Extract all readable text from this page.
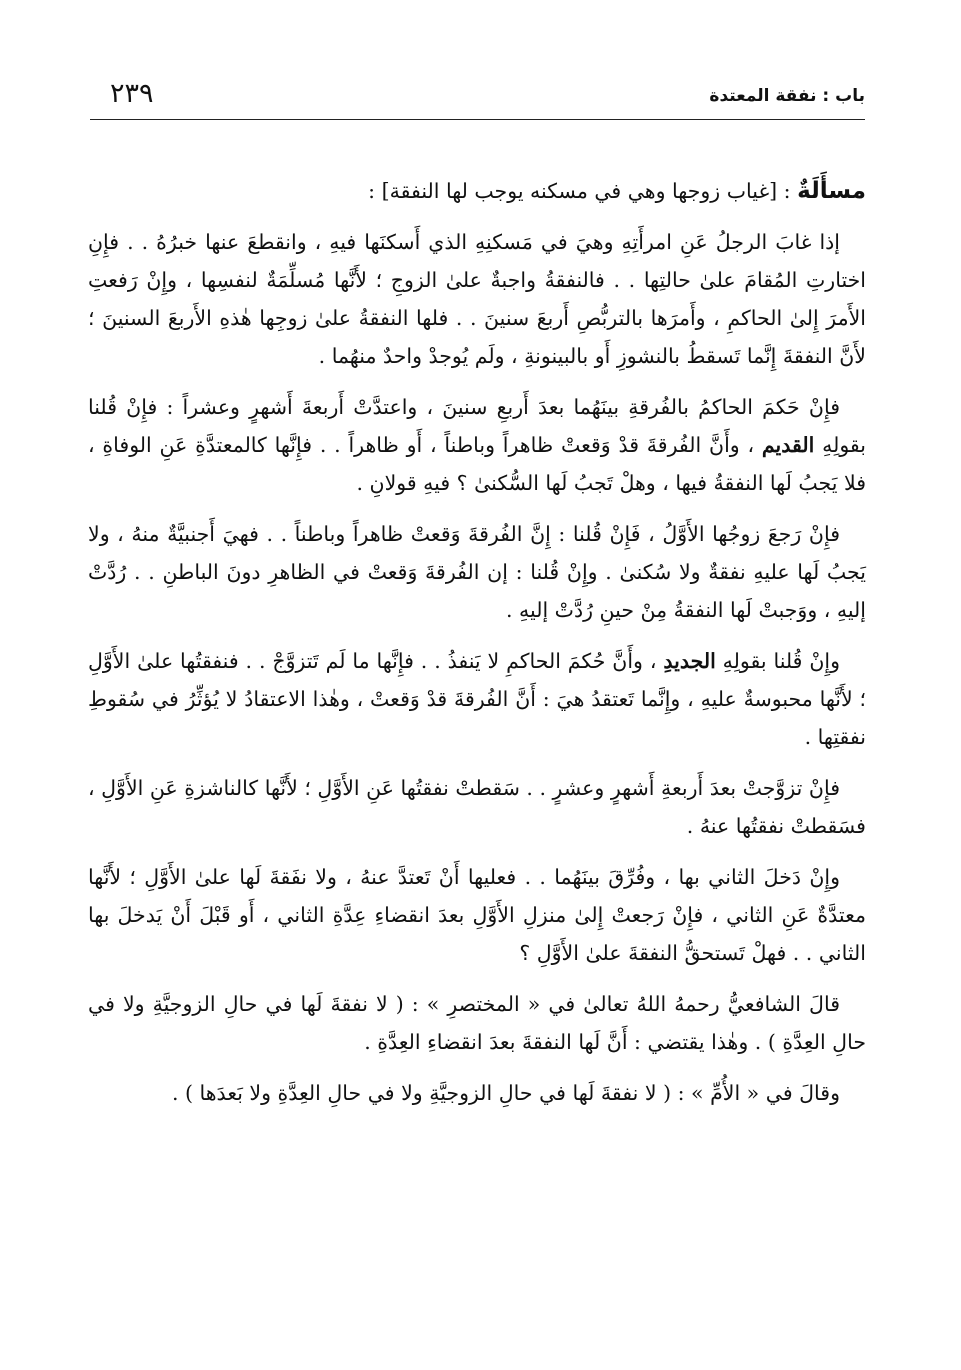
باب : نفقة المعتدة
٢٣٩

مسأَلَةٌ : [غياب زوجها وهي في مسكنه يوجب لها النفقة] :

إذا غابَ الرجلُ عَنِ امرأَتِهِ وهيَ في مَسكنِهِ الذي أَسكنَها فيهِ ، وانقطعَ عنها خبرُهُ . . فإِنِ اختارتِ المُقامَ علىٰ حالتِها . . فالنفقةُ واجبةٌ علىٰ الزوجِ ؛ لأَنَّها مُسلِّمَةٌ لنفسِها ، وإِنْ رَفعتِ الأَمرَ إِلىٰ الحاكمِ ، وأَمرَها بالتربُّصِ أَربعَ سنينَ . . فلها النفقةُ علىٰ زوجِها هٰذهِ الأَربعَ السنينَ ؛ لأَنَّ النفقةَ إِنَّما تَسقطُ بالنشوزِ أَو بالبينونةِ ، ولَم يُوجدْ واحدٌ منهُما .

فإِنْ حَكمَ الحاكمُ بالفُرقةِ بينَهُما بعدَ أَربعِ سنينَ ، واعتدَّتْ أَربعةَ أَشهرٍ وعشراً : فإِنْ قُلنا بقولِهِ القديم ، وأَنَّ الفُرقةَ قدْ وَقعتْ ظاهراً وباطناً ، أَو ظاهراً . . فإِنَّها كالمعتدَّةِ عَنِ الوفاةِ ، فلا يَجبُ لَها النفقةُ فيها ، وهلْ تَجبُ لَها السُّكنىٰ ؟ فيهِ قولانِ .

فإِنْ رَجعَ زوجُها الأَوَّلُ ، فَإِنْ قُلنا : إِنَّ الفُرقةَ وَقعتْ ظاهراً وباطناً . . فهيَ أَجنبيَّةٌ منهُ ، ولا يَجبُ لَها عليهِ نفقةٌ ولا سُكنىٰ . وإِنْ قُلنا : إن الفُرقةَ وَقعتْ في الظاهرِ دونَ الباطنِ . . رُدَّتْ إليهِ ، ووَجبتْ لَها النفقةُ مِنْ حينِ رُدَّتْ إليهِ .

وإِنْ قُلنا بقولِهِ الجديدِ ، وأَنَّ حُكمَ الحاكمِ لا يَنفذُ . . فإِنَّها ما لَم تَتزوَّجْ . . فنفقتُها علىٰ الأَوَّلِ ؛ لأَنَّها محبوسةٌ عليهِ ، وإِنَّما تَعتقدُ هيَ : أَنَّ الفُرقةَ قدْ وَقعتْ ، وهٰذا الاعتقادُ لا يُؤثِّرُ في سُقوطِ نفقتِها .

فإِنْ تزوَّجتْ بعدَ أَربعةِ أَشهرٍ وعشرٍ . . سَقطتْ نفقتُها عَنِ الأَوَّلِ ؛ لأَنَّها كالناشزةِ عَنِ الأَوَّلِ ، فسَقطتْ نفقتُها عنهُ .

وإِنْ دَخلَ الثاني بها ، وفُرِّقَ بينَهُما . . فعليها أَنْ تَعتدَّ عنهُ ، ولا نفَقةَ لَها علىٰ الأَوَّلِ ؛ لأَنَّها معتدَّةٌ عَنِ الثاني ، فإِنْ رَجعتْ إِلىٰ منزلِ الأَوَّلِ بعدَ انقضاءِ عِدَّةِ الثاني ، أَو قَبْلَ أَنْ يَدخلَ بها الثاني . . فهلْ تَستحقُّ النفقةَ علىٰ الأَوَّلِ ؟

قالَ الشافعيُّ رحمهُ اللهُ تعالىٰ في « المختصرِ » : ( لا نفقةَ لَها في حالِ الزوجيَّةِ ولا في حالِ العِدَّةِ ) . وهٰذا يقتضي : أَنَّ لَها النفقةَ بعدَ انقضاءِ العِدَّةِ .

وقالَ في « الأُمِّ » : ( لا نفقةَ لَها في حالِ الزوجيَّةِ ولا في حالِ العِدَّةِ ولا بَعدَها ) .
